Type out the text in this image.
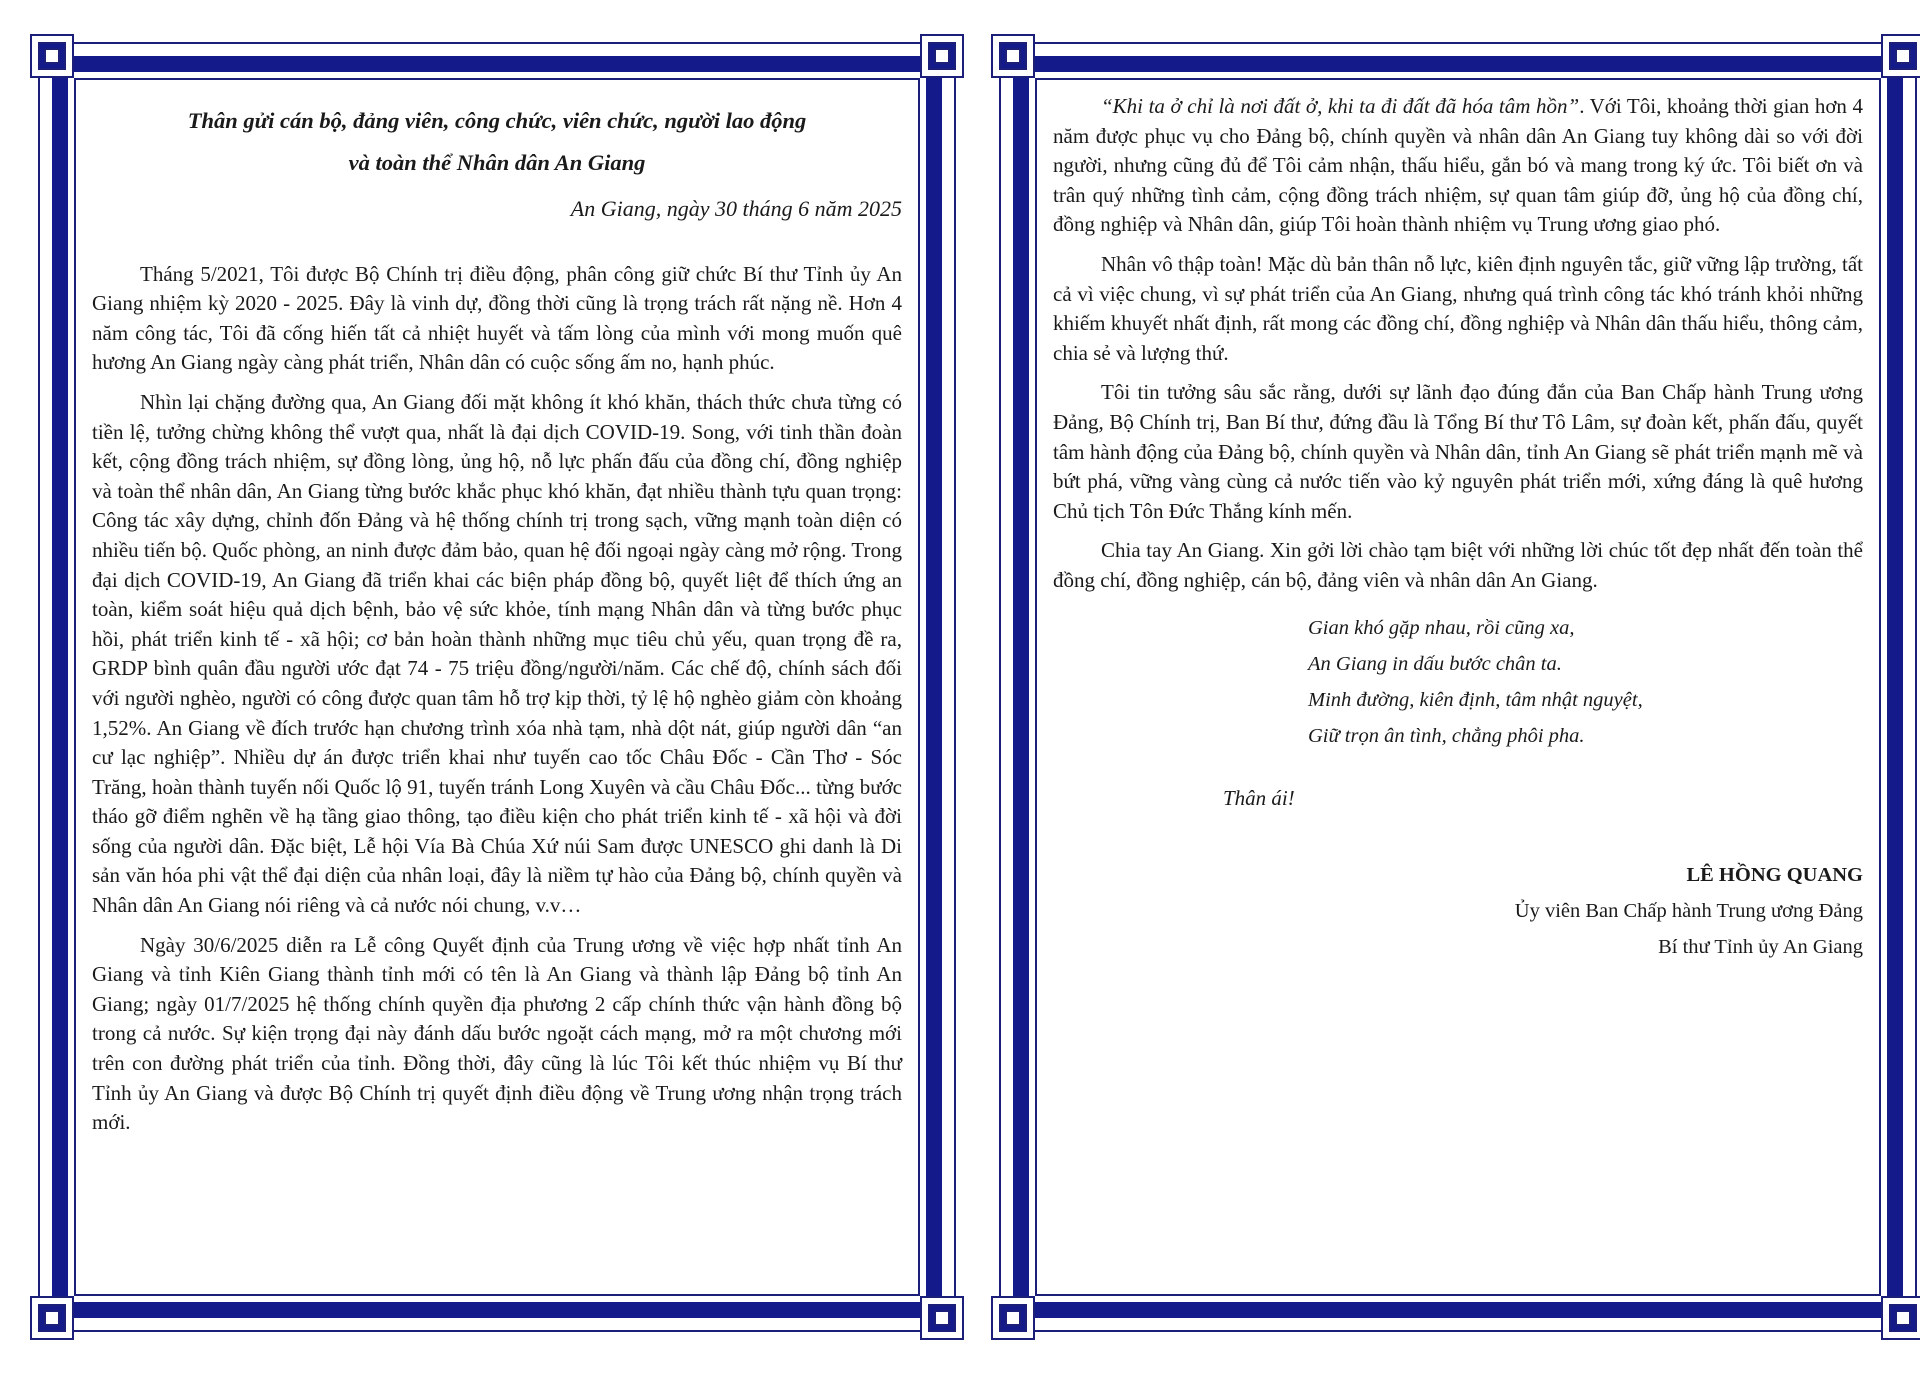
Thân gửi cán bộ, đảng viên, công chức, viên chức, người lao động

và toàn thể Nhân dân An Giang

An Giang, ngày 30 tháng 6 năm 2025

Tháng 5/2021, Tôi được Bộ Chính trị điều động, phân công giữ chức Bí thư Tỉnh ủy An Giang nhiệm kỳ 2020 - 2025. Đây là vinh dự, đồng thời cũng là trọng trách rất nặng nề. Hơn 4 năm công tác, Tôi đã cống hiến tất cả nhiệt huyết và tấm lòng của mình với mong muốn quê hương An Giang ngày càng phát triển, Nhân dân có cuộc sống ấm no, hạnh phúc.

Nhìn lại chặng đường qua, An Giang đối mặt không ít khó khăn, thách thức chưa từng có tiền lệ, tưởng chừng không thể vượt qua, nhất là đại dịch COVID-19. Song, với tinh thần đoàn kết, cộng đồng trách nhiệm, sự đồng lòng, ủng hộ, nỗ lực phấn đấu của đồng chí, đồng nghiệp và toàn thể nhân dân, An Giang từng bước khắc phục khó khăn, đạt nhiều thành tựu quan trọng: Công tác xây dựng, chỉnh đốn Đảng và hệ thống chính trị trong sạch, vững mạnh toàn diện có nhiều tiến bộ. Quốc phòng, an ninh được đảm bảo, quan hệ đối ngoại ngày càng mở rộng. Trong đại dịch COVID-19, An Giang đã triển khai các biện pháp đồng bộ, quyết liệt để thích ứng an toàn, kiểm soát hiệu quả dịch bệnh, bảo vệ sức khỏe, tính mạng Nhân dân và từng bước phục hồi, phát triển kinh tế - xã hội; cơ bản hoàn thành những mục tiêu chủ yếu, quan trọng đề ra, GRDP bình quân đầu người ước đạt 74 - 75 triệu đồng/người/năm. Các chế độ, chính sách đối với người nghèo, người có công được quan tâm hỗ trợ kịp thời, tỷ lệ hộ nghèo giảm còn khoảng 1,52%. An Giang về đích trước hạn chương trình xóa nhà tạm, nhà dột nát, giúp người dân “an cư lạc nghiệp”. Nhiều dự án được triển khai như tuyến cao tốc Châu Đốc - Cần Thơ - Sóc Trăng, hoàn thành tuyến nối Quốc lộ 91, tuyến tránh Long Xuyên và cầu Châu Đốc... từng bước tháo gỡ điểm nghẽn về hạ tầng giao thông, tạo điều kiện cho phát triển kinh tế - xã hội và đời sống của người dân. Đặc biệt, Lễ hội Vía Bà Chúa Xứ núi Sam được UNESCO ghi danh là Di sản văn hóa phi vật thể đại diện của nhân loại, đây là niềm tự hào của Đảng bộ, chính quyền và Nhân dân An Giang nói riêng và cả nước nói chung, v.v…

Ngày 30/6/2025 diễn ra Lễ công Quyết định của Trung ương về việc hợp nhất tỉnh An Giang và tỉnh Kiên Giang thành tỉnh mới có tên là An Giang và thành lập Đảng bộ tỉnh An Giang; ngày 01/7/2025 hệ thống chính quyền địa phương 2 cấp chính thức vận hành đồng bộ trong cả nước. Sự kiện trọng đại này đánh dấu bước ngoặt cách mạng, mở ra một chương mới trên con đường phát triển của tỉnh. Đồng thời, đây cũng là lúc Tôi kết thúc nhiệm vụ Bí thư Tỉnh ủy An Giang và được Bộ Chính trị quyết định điều động về Trung ương nhận trọng trách mới.

“Khi ta ở chỉ là nơi đất ở, khi ta đi đất đã hóa tâm hồn”. Với Tôi, khoảng thời gian hơn 4 năm được phục vụ cho Đảng bộ, chính quyền và nhân dân An Giang tuy không dài so với đời người, nhưng cũng đủ để Tôi cảm nhận, thấu hiểu, gắn bó và mang trong ký ức. Tôi biết ơn và trân quý những tình cảm, cộng đồng trách nhiệm, sự quan tâm giúp đỡ, ủng hộ của đồng chí, đồng nghiệp và Nhân dân, giúp Tôi hoàn thành nhiệm vụ Trung ương giao phó.

Nhân vô thập toàn! Mặc dù bản thân nỗ lực, kiên định nguyên tắc, giữ vững lập trường, tất cả vì việc chung, vì sự phát triển của An Giang, nhưng quá trình công tác khó tránh khỏi những khiếm khuyết nhất định, rất mong các đồng chí, đồng nghiệp và Nhân dân thấu hiểu, thông cảm, chia sẻ và lượng thứ.

Tôi tin tưởng sâu sắc rằng, dưới sự lãnh đạo đúng đắn của Ban Chấp hành Trung ương Đảng, Bộ Chính trị, Ban Bí thư, đứng đầu là Tổng Bí thư Tô Lâm, sự đoàn kết, phấn đấu, quyết tâm hành động của Đảng bộ, chính quyền và Nhân dân, tỉnh An Giang sẽ phát triển mạnh mẽ và bứt phá, vững vàng cùng cả nước tiến vào kỷ nguyên phát triển mới, xứng đáng là quê hương Chủ tịch Tôn Đức Thắng kính mến.

Chia tay An Giang. Xin gởi lời chào tạm biệt với những lời chúc tốt đẹp nhất đến toàn thể đồng chí, đồng nghiệp, cán bộ, đảng viên và nhân dân An Giang.

Gian khó gặp nhau, rồi cũng xa,
An Giang in dấu bước chân ta.
Minh đường, kiên định, tâm nhật nguyệt,
Giữ trọn ân tình, chẳng phôi pha.
Thân ái!
LÊ HỒNG QUANG
Ủy viên Ban Chấp hành Trung ương Đảng
Bí thư Tỉnh ủy An Giang
